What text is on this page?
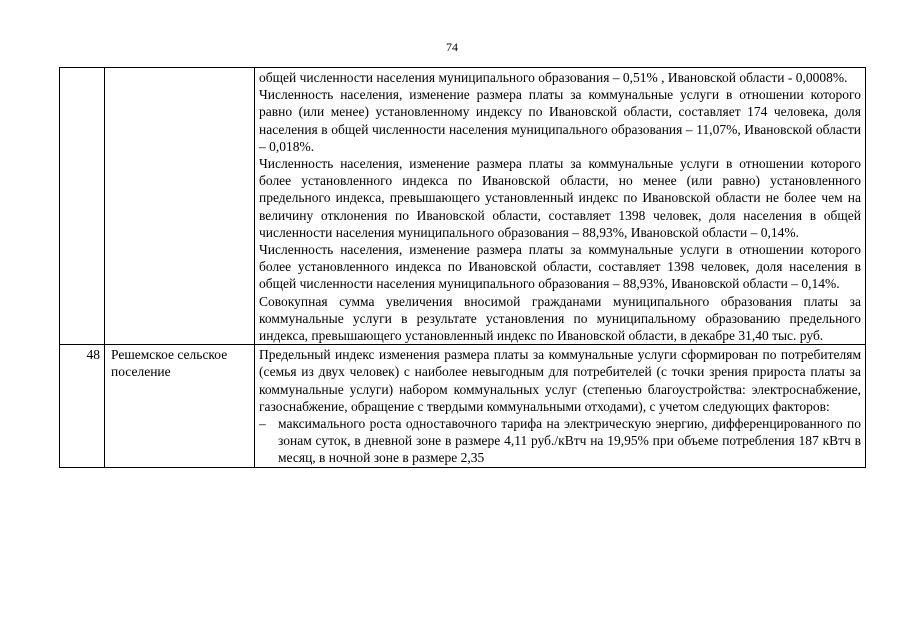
74

		общей численности населения муниципального образования – 0,51% , Ивановской области - 0,0008%.

Численность населения, изменение размера платы за коммунальные услуги в отношении которого равно (или менее) установленному индексу по Ивановской области, составляет 174 человека, доля населения в общей численности населения муниципального образования – 11,07%, Ивановской области – 0,018%.

Численность населения, изменение размера платы за коммунальные услуги в отношении которого более установленного индекса по Ивановской области, но менее (или равно) установленного предельного индекса, превышающего установленный индекс по Ивановской области не более чем на величину отклонения по Ивановской области, составляет 1398 человек, доля населения в общей численности населения муниципального образования – 88,93%, Ивановской области – 0,14%.

Численность населения, изменение размера платы за коммунальные услуги в отношении которого более установленного индекса по Ивановской области, составляет 1398 человек, доля населения в общей численности населения муниципального образования – 88,93%, Ивановской области – 0,14%.

Совокупная сумма увеличения вносимой гражданами муниципального образования платы за коммунальные услуги в результате установления по муниципальному образованию предельного индекса, превышающего установленный индекс по Ивановской области, в декабре 31,40 тыс. руб.

48	Решемское сельское поселение	Предельный индекс изменения размера платы за коммунальные услуги сформирован по потребителям (семья из двух человек) с наиболее невыгодным для потребителей (с точки зрения прироста платы за коммунальные услуги) набором коммунальных услуг (степенью благоустройства: электроснабжение, газоснабжение, обращение с твердыми коммунальными отходами), с учетом следующих факторов:

– максимального роста одноставочного тарифа на электрическую энергию, дифференцированного по зонам суток, в дневной зоне в размере 4,11 руб./кВтч на 19,95% при объеме потребления 187 кВтч в месяц, в ночной зоне в размере 2,35
